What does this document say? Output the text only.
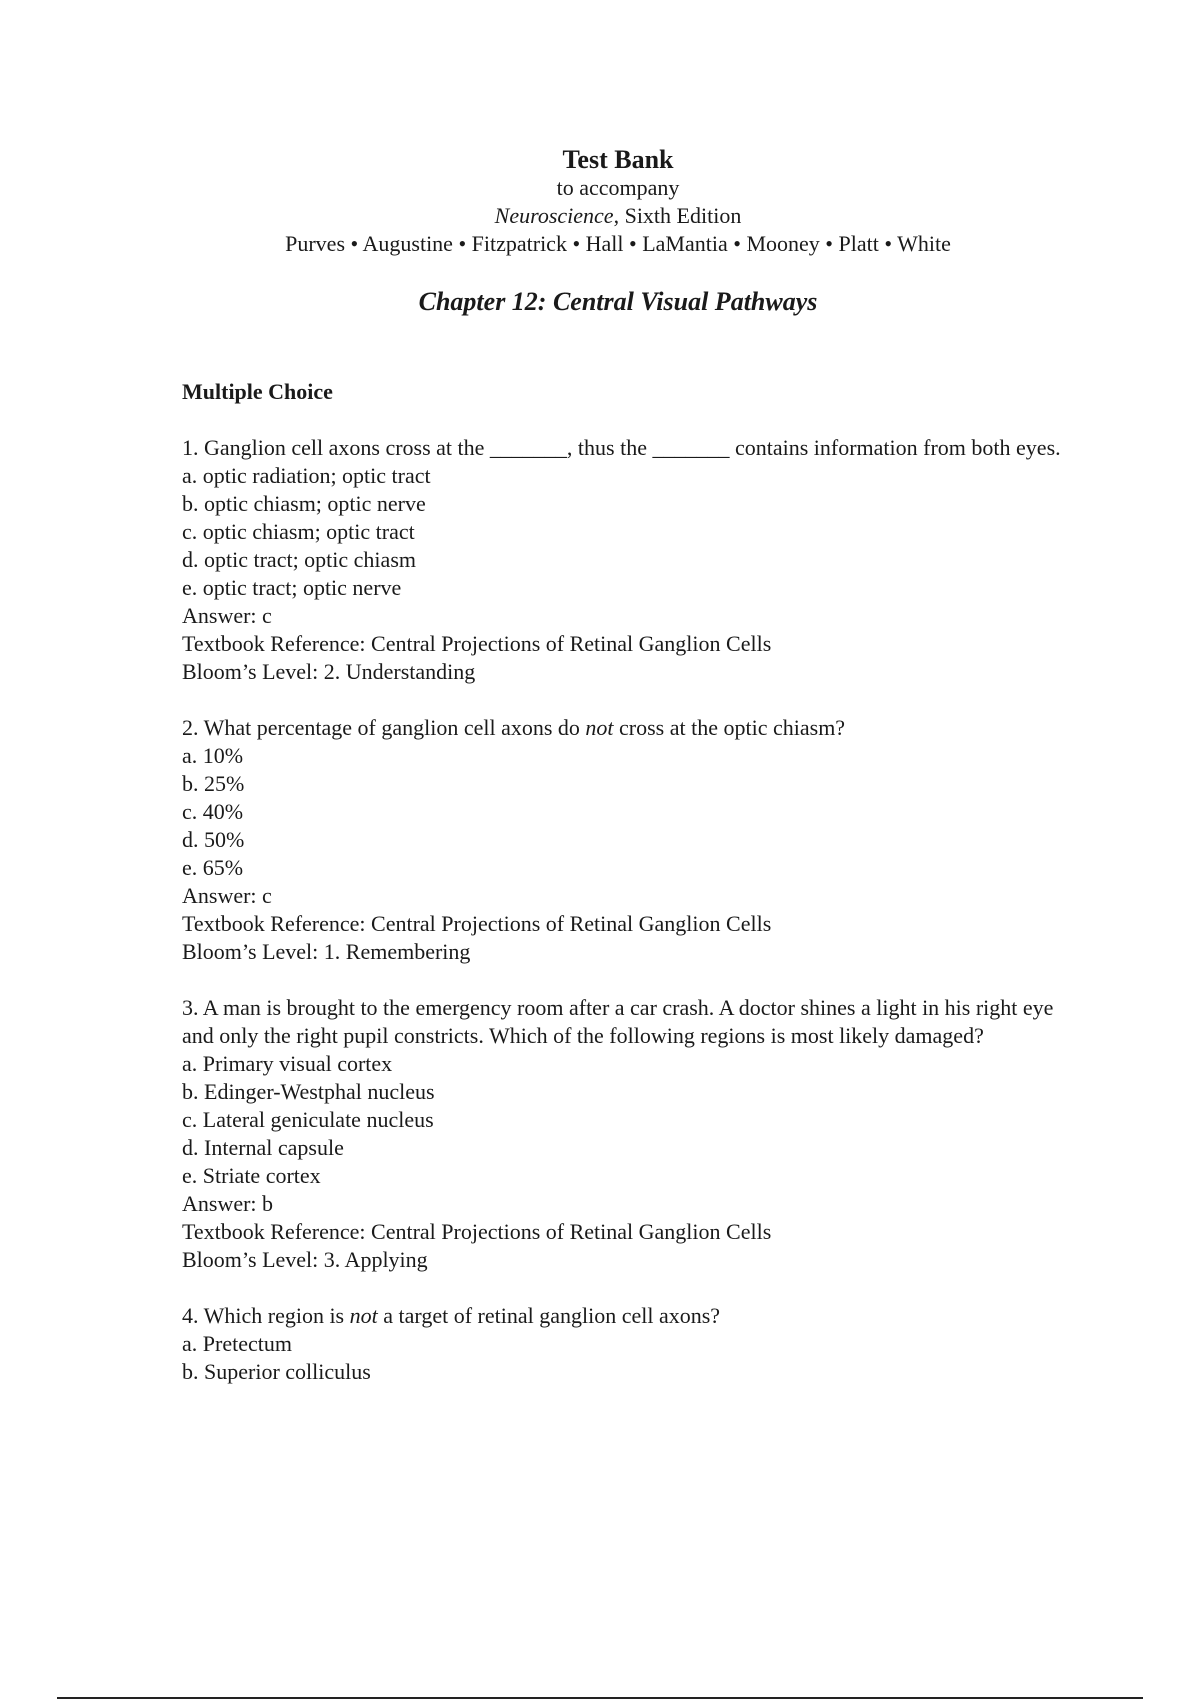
Test Bank
to accompany
Neuroscience, Sixth Edition
Purves • Augustine • Fitzpatrick • Hall • LaMantia • Mooney • Platt • White
Chapter 12: Central Visual Pathways
Multiple Choice
1. Ganglion cell axons cross at the _______, thus the _______ contains information from both eyes.
a. optic radiation; optic tract
b. optic chiasm; optic nerve
c. optic chiasm; optic tract
d. optic tract; optic chiasm
e. optic tract; optic nerve
Answer: c
Textbook Reference: Central Projections of Retinal Ganglion Cells
Bloom’s Level: 2. Understanding
2. What percentage of ganglion cell axons do not cross at the optic chiasm?
a. 10%
b. 25%
c. 40%
d. 50%
e. 65%
Answer: c
Textbook Reference: Central Projections of Retinal Ganglion Cells
Bloom’s Level: 1. Remembering
3. A man is brought to the emergency room after a car crash. A doctor shines a light in his right eye and only the right pupil constricts. Which of the following regions is most likely damaged?
a. Primary visual cortex
b. Edinger-Westphal nucleus
c. Lateral geniculate nucleus
d. Internal capsule
e. Striate cortex
Answer: b
Textbook Reference: Central Projections of Retinal Ganglion Cells
Bloom’s Level: 3. Applying
4. Which region is not a target of retinal ganglion cell axons?
a. Pretectum
b. Superior colliculus
